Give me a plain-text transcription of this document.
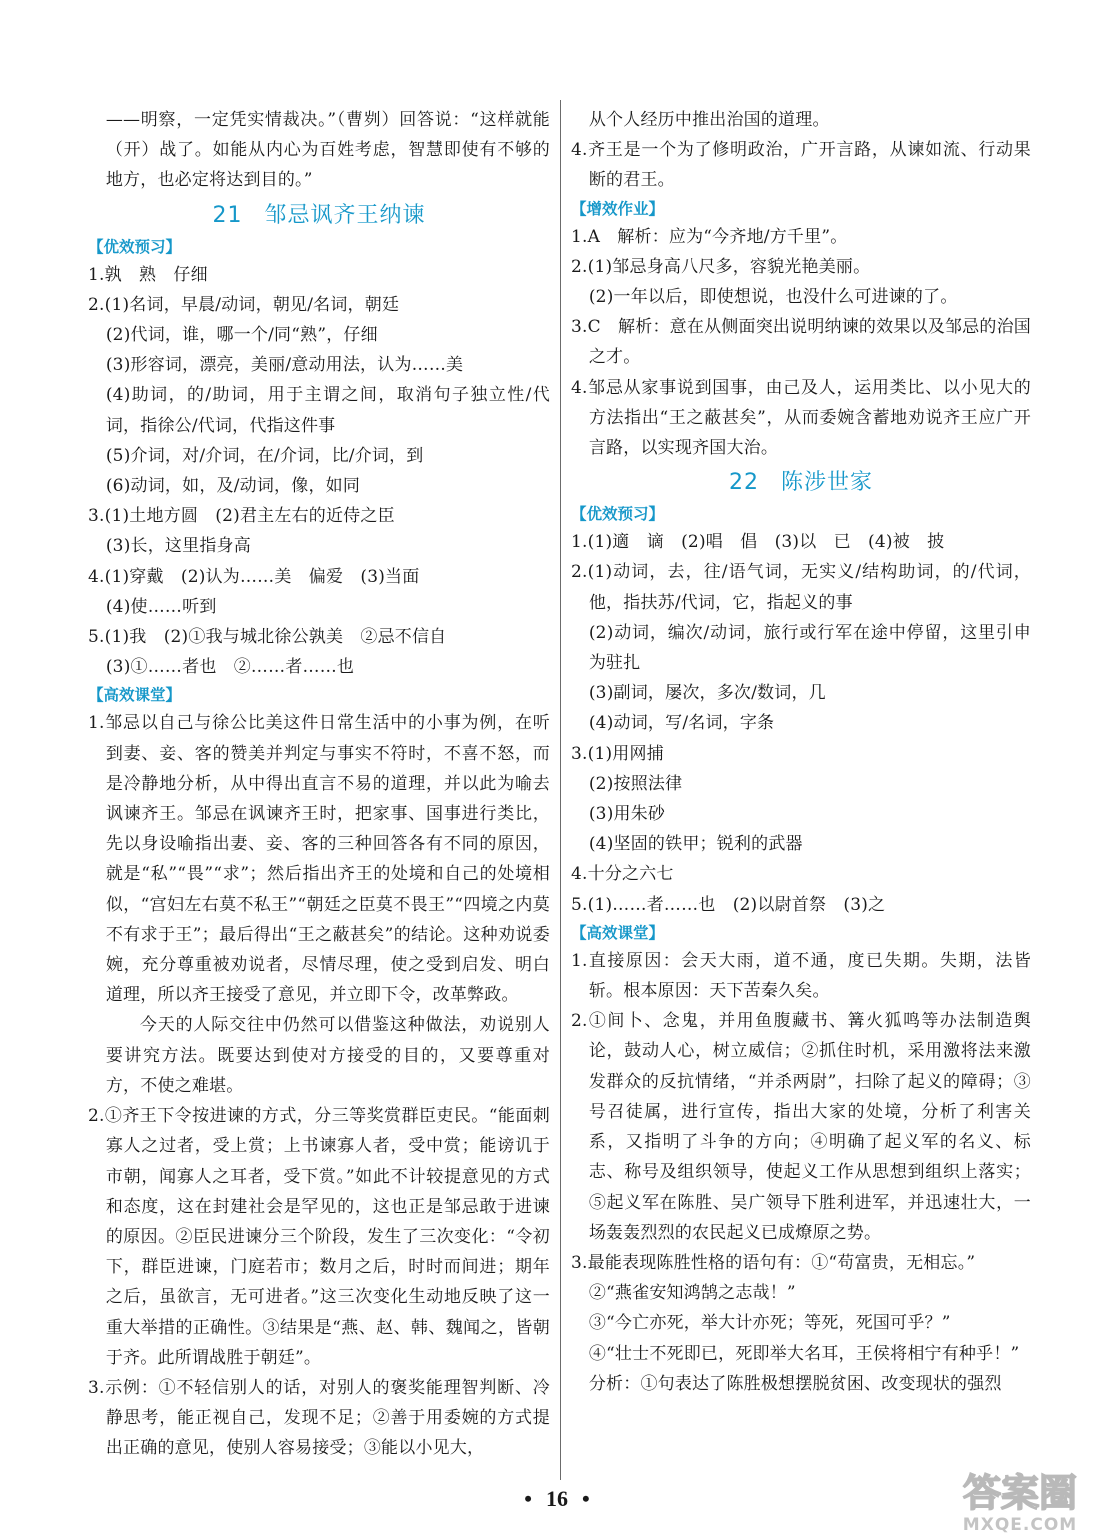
——明察，一定凭实情裁决。”（曹刿）回答说：“这样就能（开）战了。如能从内心为百姓考虑，智慧即使有不够的地方，也必定将达到目的。”

21 邹忌讽齐王纳谏

【优效预习】

1.孰　熟　仔细

2.(1)名词，早晨/动词，朝见/名词，朝廷

(2)代词，谁，哪一个/同“熟”，仔细

(3)形容词，漂亮，美丽/意动用法，认为……美

(4)助词，的/助词，用于主谓之间，取消句子独立性/代词，指徐公/代词，代指这件事

(5)介词，对/介词，在/介词，比/介词，到

(6)动词，如，及/动词，像，如同

3.(1)土地方圆　(2)君主左右的近侍之臣

(3)长，这里指身高

4.(1)穿戴　(2)认为……美　偏爱　(3)当面

(4)使……听到

5.(1)我　(2)①我与城北徐公孰美　②忌不信自

(3)①……者也　②……者……也

【高效课堂】

1.邹忌以自己与徐公比美这件日常生活中的小事为例，在听到妻、妾、客的赞美并判定与事实不符时，不喜不怒，而是冷静地分析，从中得出直言不易的道理，并以此为喻去讽谏齐王。邹忌在讽谏齐王时，把家事、国事进行类比，先以身设喻指出妻、妾、客的三种回答各有不同的原因，就是“私”“畏”“求”；然后指出齐王的处境和自己的处境相似，“宫妇左右莫不私王”“朝廷之臣莫不畏王”“四境之内莫不有求于王”；最后得出“王之蔽甚矣”的结论。这种劝说委婉，充分尊重被劝说者，尽情尽理，使之受到启发、明白道理，所以齐王接受了意见，并立即下令，改革弊政。

今天的人际交往中仍然可以借鉴这种做法，劝说别人要讲究方法。既要达到使对方接受的目的，又要尊重对方，不使之难堪。

2.①齐王下令按进谏的方式，分三等奖赏群臣吏民。“能面刺寡人之过者，受上赏；上书谏寡人者，受中赏；能谤讥于市朝，闻寡人之耳者，受下赏。”如此不计较提意见的方式和态度，这在封建社会是罕见的，这也正是邹忌敢于进谏的原因。②臣民进谏分三个阶段，发生了三次变化：“令初下，群臣进谏，门庭若市；数月之后，时时而间进；期年之后，虽欲言，无可进者。”这三次变化生动地反映了这一重大举措的正确性。③结果是“燕、赵、韩、魏闻之，皆朝于齐。此所谓战胜于朝廷”。

3.示例：①不轻信别人的话，对别人的褒奖能理智判断、冷静思考，能正视自己，发现不足；②善于用委婉的方式提出正确的意见，使别人容易接受；③能以小见大，

从个人经历中推出治国的道理。

4.齐王是一个为了修明政治，广开言路，从谏如流、行动果断的君王。

【增效作业】

1.A　解析：应为“今齐地/方千里”。

2.(1)邹忌身高八尺多，容貌光艳美丽。

(2)一年以后，即使想说，也没什么可进谏的了。

3.C　解析：意在从侧面突出说明纳谏的效果以及邹忌的治国之才。

4.邹忌从家事说到国事，由己及人，运用类比、以小见大的方法指出“王之蔽甚矣”，从而委婉含蓄地劝说齐王应广开言路，以实现齐国大治。

22 陈涉世家

【优效预习】

1.(1)適　谪　(2)唱　倡　(3)以　已　(4)被　披

2.(1)动词，去，往/语气词，无实义/结构助词，的/代词，他，指扶苏/代词，它，指起义的事

(2)动词，编次/动词，旅行或行军在途中停留，这里引申为驻扎

(3)副词，屡次，多次/数词，几

(4)动词，写/名词，字条

3.(1)用网捕

(2)按照法律

(3)用朱砂

(4)坚固的铁甲；锐利的武器

4.十分之六七

5.(1)……者……也　(2)以尉首祭　(3)之

【高效课堂】

1.直接原因：会天大雨，道不通，度已失期。失期，法皆斩。根本原因：天下苦秦久矣。

2.①间卜、念鬼，并用鱼腹藏书、篝火狐鸣等办法制造舆论，鼓动人心，树立威信；②抓住时机，采用激将法来激发群众的反抗情绪，“并杀两尉”，扫除了起义的障碍；③号召徒属，进行宣传，指出大家的处境，分析了利害关系，又指明了斗争的方向；④明确了起义军的名义、标志、称号及组织领导，使起义工作从思想到组织上落实；⑤起义军在陈胜、吴广领导下胜利进军，并迅速壮大，一场轰轰烈烈的农民起义已成燎原之势。

3.最能表现陈胜性格的语句有：①“苟富贵，无相忘。”

②“燕雀安知鸿鹄之志哉！”

③“今亡亦死，举大计亦死；等死，死国可乎？”

④“壮士不死即已，死即举大名耳，王侯将相宁有种乎！”

分析：①句表达了陈胜极想摆脱贫困、改变现状的强烈

• 16 •	答案圈
MXQE.COM
